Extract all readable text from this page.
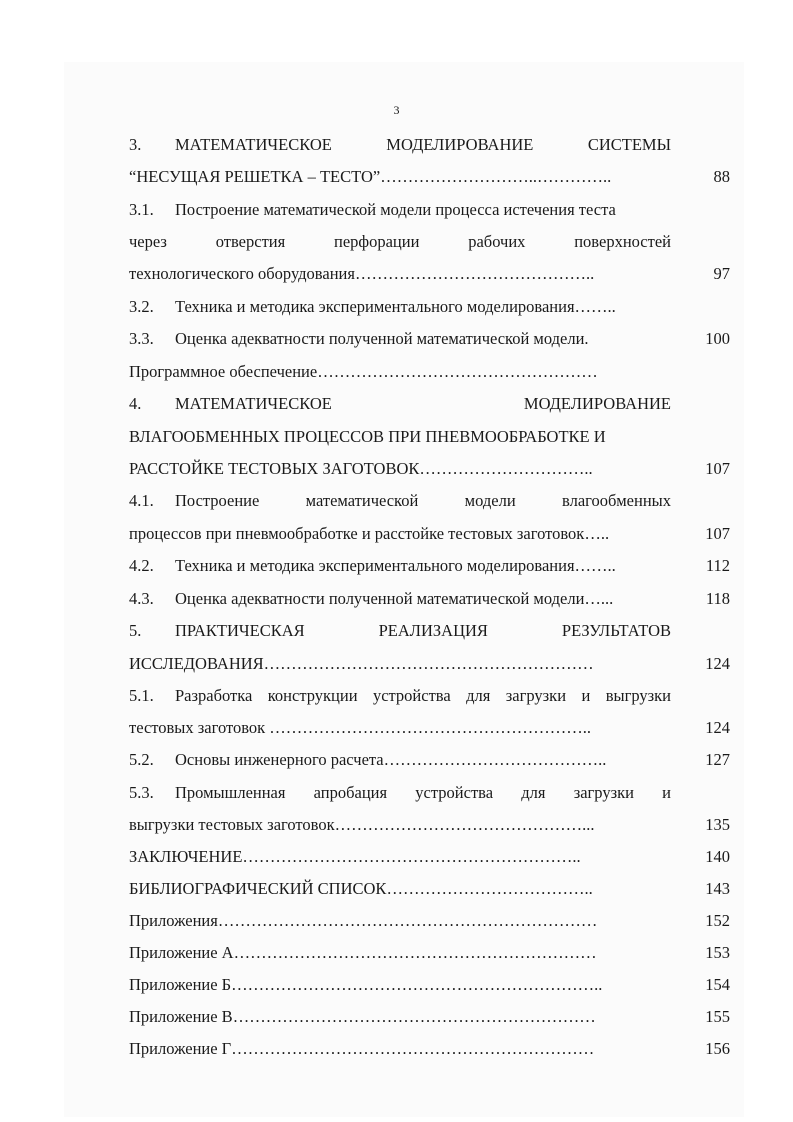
3
3. МАТЕМАТИЧЕСКОЕ МОДЕЛИРОВАНИЕ СИСТЕМЫ
“НЕСУЩАЯ РЕШЕТКА – ТЕСТО”………………………..…………..	88
3.1. Построение математической модели процесса истечения теста
через отверстия перфорации рабочих поверхностей
технологического оборудования……………………………………..	97
3.2. Техника и методика экспериментального моделирования……..
3.3. Оценка адекватности полученной математической модели.	100
Программное обеспечение……………………………………………
4. МАТЕМАТИЧЕСКОЕ МОДЕЛИРОВАНИЕ
ВЛАГООБМЕННЫХ ПРОЦЕССОВ ПРИ ПНЕВМООБРАБОТКЕ И
РАССТОЙКЕ ТЕСТОВЫХ ЗАГОТОВОК…………………………..	107
4.1. Построение математической модели влагообменных
процессов при пневмообработке и расстойке тестовых заготовок…..	107
4.2. Техника и методика экспериментального моделирования……..	112
4.3. Оценка адекватности полученной математической модели…...	118
5. ПРАКТИЧЕСКАЯ РЕАЛИЗАЦИЯ РЕЗУЛЬТАТОВ
ИССЛЕДОВАНИЯ……………………………………………………	124
5.1. Разработка конструкции устройства для загрузки и выгрузки
тестовых заготовок …………………………………………………..	124
5.2. Основы инженерного расчета…………………………………..	127
5.3. Промышленная апробация устройства для загрузки и
выгрузки тестовых заготовок………………………………………...	135
ЗАКЛЮЧЕНИЕ……………………………………………………..	140
БИБЛИОГРАФИЧЕСКИЙ СПИСОК………………………………..	143
Приложения……………………………………………………………	152
Приложение А…………………………………………………………	153
Приложение Б…………………………………………………………..	154
Приложение В…………………………………………………………	155
Приложение Г…………………………………………………………	156
